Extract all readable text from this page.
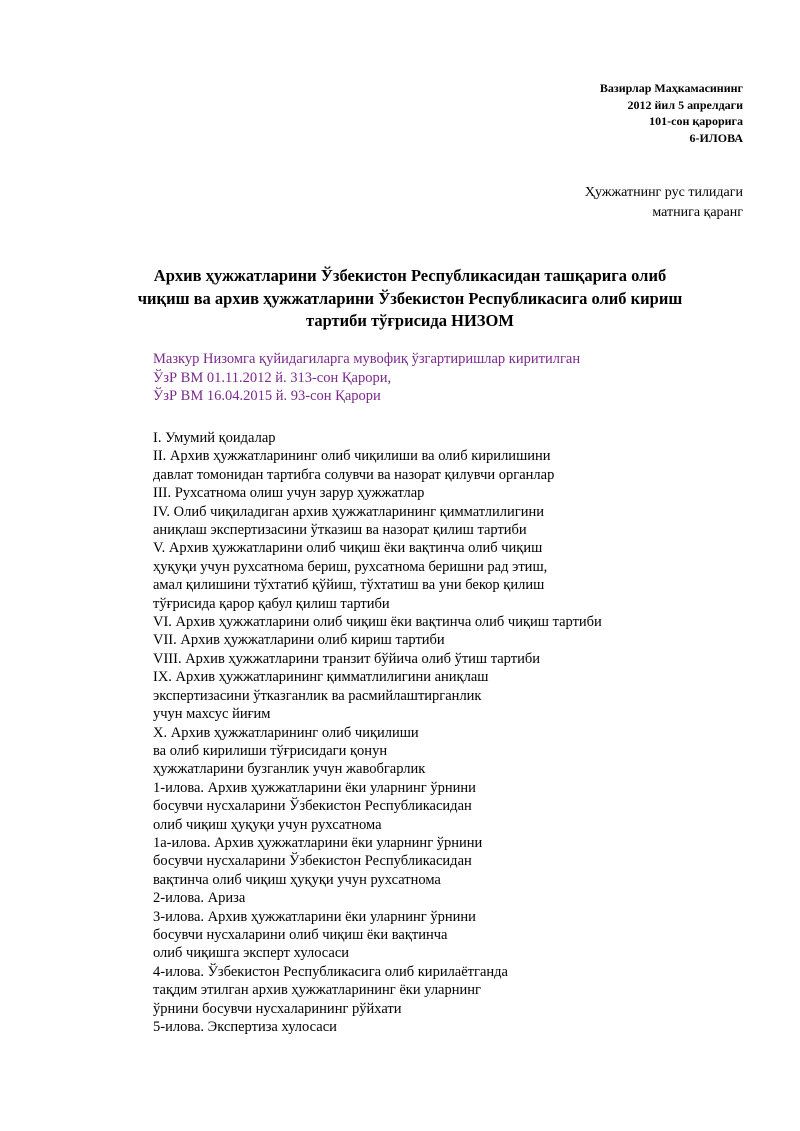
Вазирлар Маҳкамасининг
2012 йил 5 апрелдаги
101-сон қарорига
6-ИЛОВА
Ҳужжатнинг рус тилидаги
матнига қаранг
Архив ҳужжатларини Ўзбекистон Республикасидан ташқарига олиб
чиқиш ва архив ҳужжатларини Ўзбекистон Республикасига олиб кириш
тартиби тўғрисида НИЗОМ
Мазкур Низомга қуйидагиларга мувофиқ ўзгартиришлар киритилган
ЎзР ВМ 01.11.2012 й. 313-сон Қарори,
ЎзР ВМ 16.04.2015 й. 93-сон Қарори
I. Умумий қоидалар
II. Архив ҳужжатларининг олиб чиқилиши ва олиб кирилишини
давлат томонидан тартибга солувчи ва назорат қилувчи органлар
III. Рухсатнома олиш учун зарур ҳужжатлар
IV. Олиб чиқиладиган архив ҳужжатларининг қимматлилигини
аниқлаш экспертизасини ўтказиш ва назорат қилиш тартиби
V. Архив ҳужжатларини олиб чиқиш ёки вақтинча олиб чиқиш
ҳуқуқи учун рухсатнома бериш, рухсатнома беришни рад этиш,
амал қилишини тўхтатиб қўйиш, тўхтатиш ва уни бекор қилиш
тўғрисида қарор қабул қилиш тартиби
VI. Архив ҳужжатларини олиб чиқиш ёки вақтинча олиб чиқиш тартиби
VII. Архив ҳужжатларини олиб кириш тартиби
VIII. Архив ҳужжатларини транзит бўйича олиб ўтиш тартиби
IX. Архив ҳужжатларининг қимматлилигини аниқлаш
экспертизасини ўтказганлик ва расмийлаштирганлик
учун махсус йиғим
X. Архив ҳужжатларининг олиб чиқилиши
ва олиб кирилиши тўғрисидаги қонун
ҳужжатларини бузганлик учун жавобгарлик
1-илова. Архив ҳужжатларини ёки уларнинг ўрнини
босувчи нусхаларини Ўзбекистон Республикасидан
олиб чиқиш ҳуқуқи учун рухсатнома
1а-илова. Архив ҳужжатларини ёки уларнинг ўрнини
босувчи нусхаларини Ўзбекистон Республикасидан
вақтинча олиб чиқиш ҳуқуқи учун рухсатнома
2-илова. Ариза
3-илова. Архив ҳужжатларини ёки уларнинг ўрнини
босувчи нусхаларини олиб чиқиш ёки вақтинча
олиб чиқишга эксперт хулосаси
4-илова. Ўзбекистон Республикасига олиб кирилаётганда
тақдим этилган архив ҳужжатларининг ёки уларнинг
ўрнини босувчи нусхаларининг рўйхати
5-илова. Экспертиза хулосаси
